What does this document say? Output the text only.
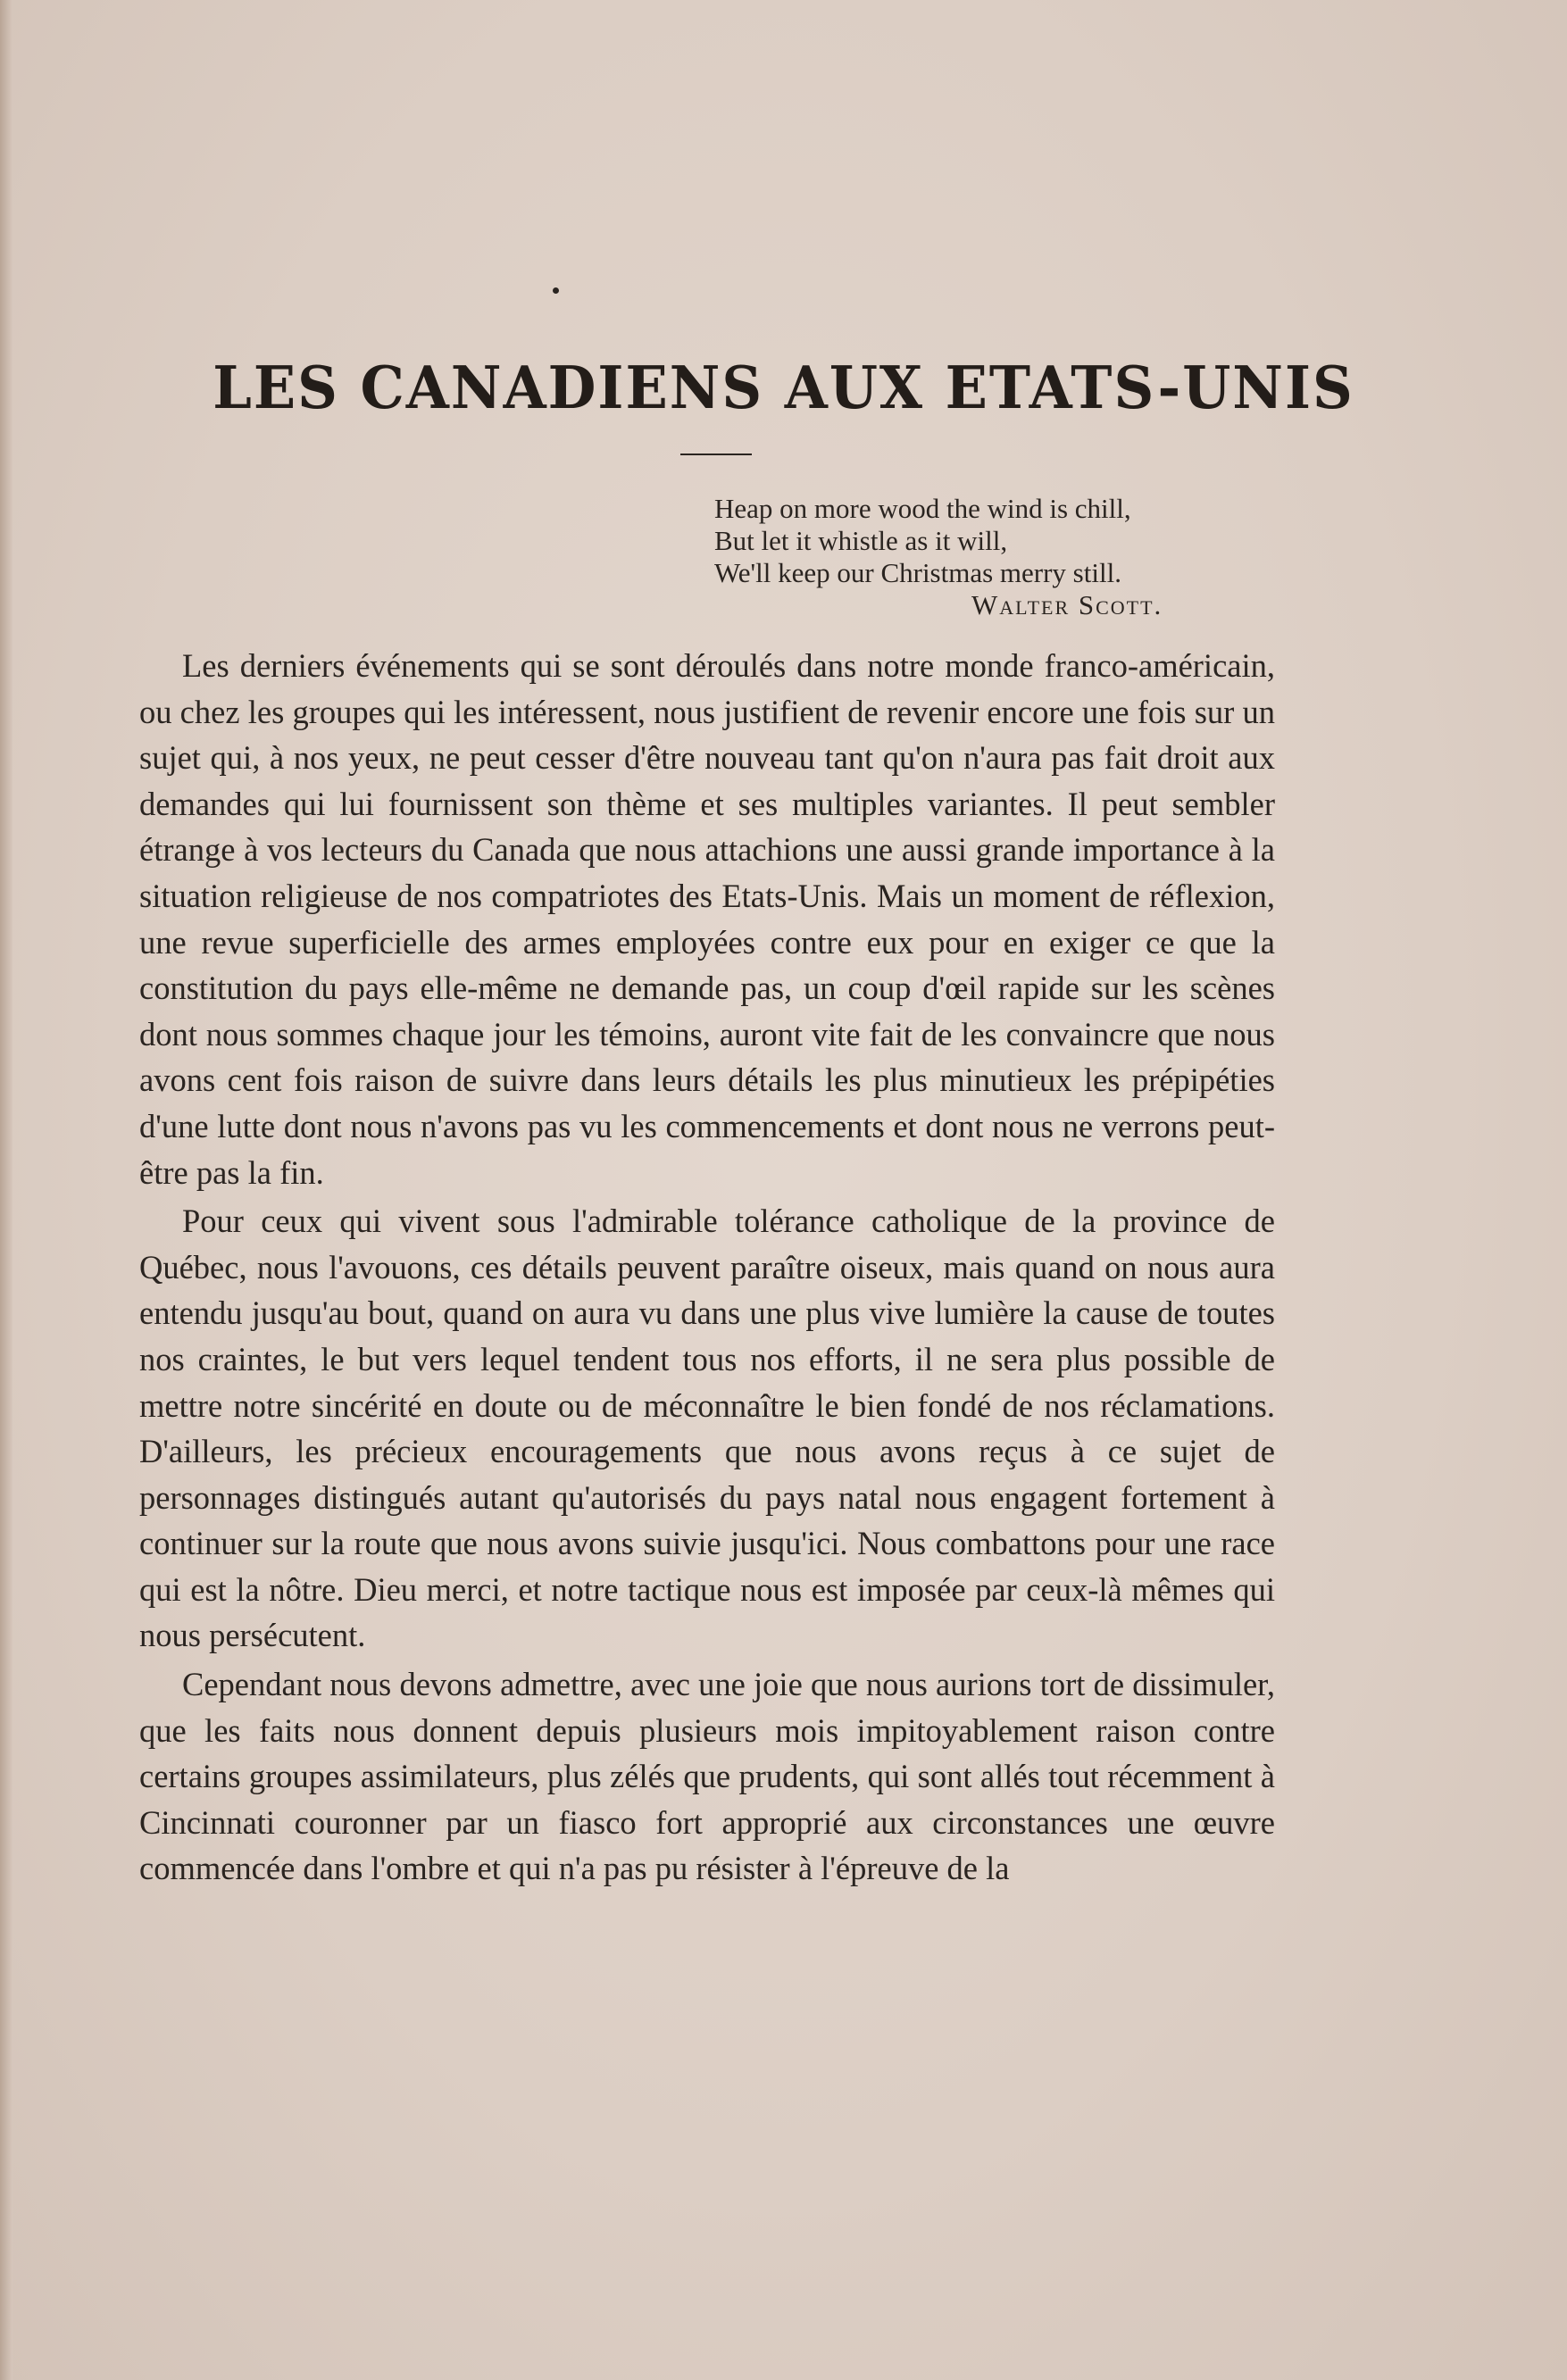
LES CANADIENS AUX ETATS-UNIS
Heap on more wood the wind is chill,
But let it whistle as it will,
We'll keep our Christmas merry still.
Walter Scott.

Les derniers événements qui se sont déroulés dans notre monde franco-américain, ou chez les groupes qui les intéressent, nous justifient de revenir encore une fois sur un sujet qui, à nos yeux, ne peut cesser d'être nouveau tant qu'on n'aura pas fait droit aux demandes qui lui fournissent son thème et ses multiples variantes. Il peut sembler étrange à vos lecteurs du Canada que nous attachions une aussi grande importance à la situation religieuse de nos compatriotes des Etats-Unis. Mais un moment de réflexion, une revue superficielle des armes employées contre eux pour en exiger ce que la constitution du pays elle-même ne demande pas, un coup d'œil rapide sur les scènes dont nous sommes chaque jour les témoins, auront vite fait de les convaincre que nous avons cent fois raison de suivre dans leurs détails les plus minutieux les prépipéties d'une lutte dont nous n'avons pas vu les commencements et dont nous ne verrons peut-être pas la fin.

Pour ceux qui vivent sous l'admirable tolérance catholique de la province de Québec, nous l'avouons, ces détails peuvent paraître oiseux, mais quand on nous aura entendu jusqu'au bout, quand on aura vu dans une plus vive lumière la cause de toutes nos craintes, le but vers lequel tendent tous nos efforts, il ne sera plus possible de mettre notre sincérité en doute ou de méconnaître le bien fondé de nos réclamations. D'ailleurs, les précieux encouragements que nous avons reçus à ce sujet de personnages distingués autant qu'autorisés du pays natal nous engagent fortement à continuer sur la route que nous avons suivie jusqu'ici. Nous combattons pour une race qui est la nôtre. Dieu merci, et notre tactique nous est imposée par ceux-là mêmes qui nous persécutent.

Cependant nous devons admettre, avec une joie que nous aurions tort de dissimuler, que les faits nous donnent depuis plusieurs mois impitoyablement raison contre certains groupes assimilateurs, plus zélés que prudents, qui sont allés tout récemment à Cincinnati couronner par un fiasco fort approprié aux circonstances une œuvre commencée dans l'ombre et qui n'a pas pu résister à l'épreuve de la
